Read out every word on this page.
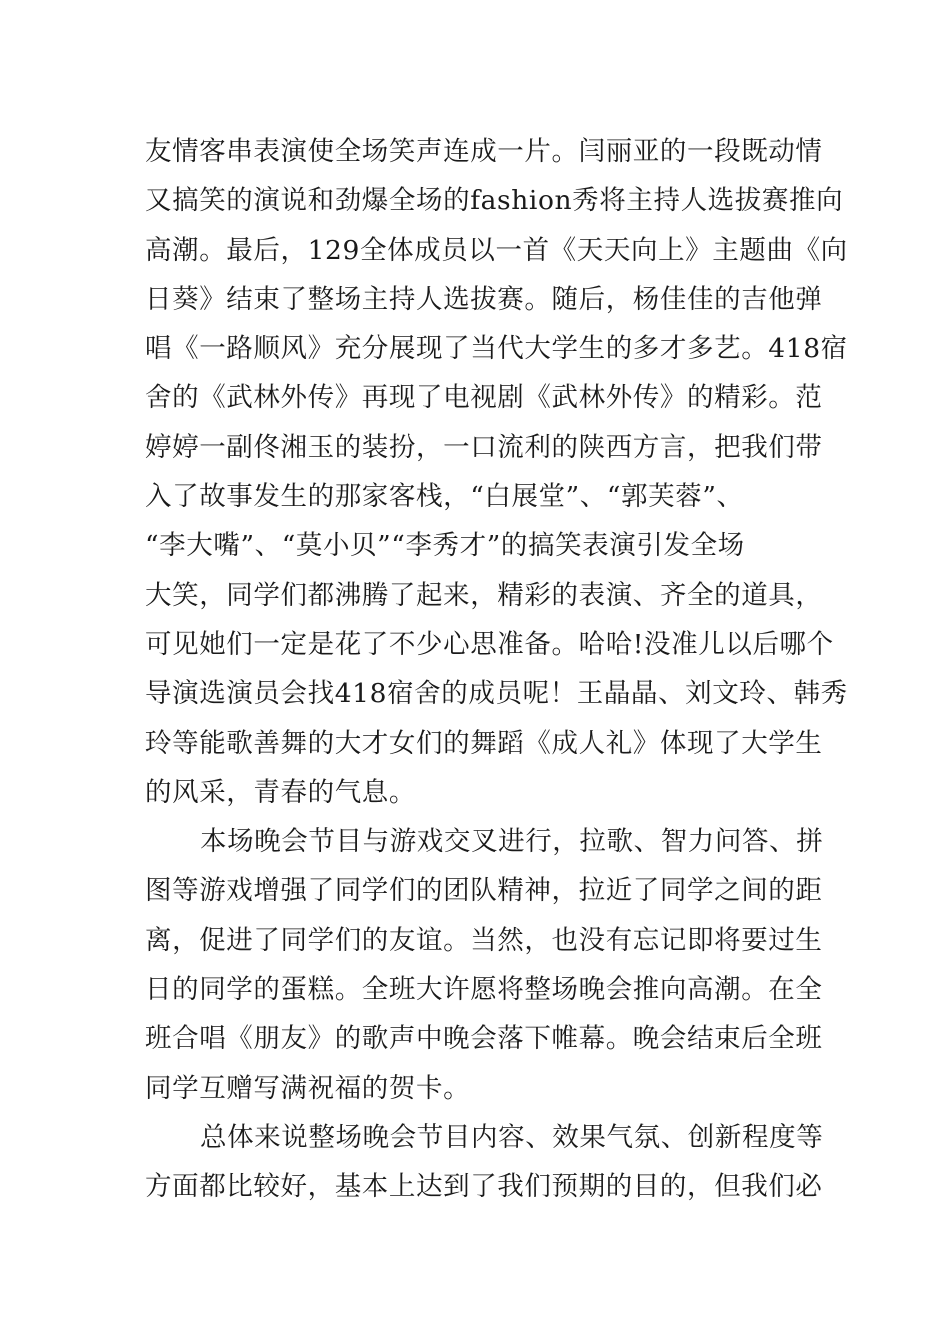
友情客串表演使全场笑声连成一片。闫丽亚的一段既动情
又搞笑的演说和劲爆全场的fashion秀将主持人选拔赛推向
高潮。最后，129全体成员以一首《天天向上》主题曲《向
日葵》结束了整场主持人选拔赛。随后，杨佳佳的吉他弹
唱《一路顺风》充分展现了当代大学生的多才多艺。418宿
舍的《武林外传》再现了电视剧《武林外传》的精彩。范
婷婷一副佟湘玉的装扮，一口流利的陕西方言，把我们带
入了故事发生的那家客栈，“白展堂”、“郭芙蓉”、
“李大嘴”、“莫小贝”“李秀才”的搞笑表演引发全场
大笑，同学们都沸腾了起来，精彩的表演、齐全的道具，
可见她们一定是花了不少心思准备。哈哈!没准儿以后哪个
导演选演员会找418宿舍的成员呢！王晶晶、刘文玲、韩秀
玲等能歌善舞的大才女们的舞蹈《成人礼》体现了大学生
的风采，青春的气息。
本场晚会节目与游戏交叉进行，拉歌、智力问答、拼
图等游戏增强了同学们的团队精神，拉近了同学之间的距
离，促进了同学们的友谊。当然，也没有忘记即将要过生
日的同学的蛋糕。全班大许愿将整场晚会推向高潮。在全
班合唱《朋友》的歌声中晚会落下帷幕。晚会结束后全班
同学互赠写满祝福的贺卡。
总体来说整场晚会节目内容、效果气氛、创新程度等
方面都比较好，基本上达到了我们预期的目的，但我们必
